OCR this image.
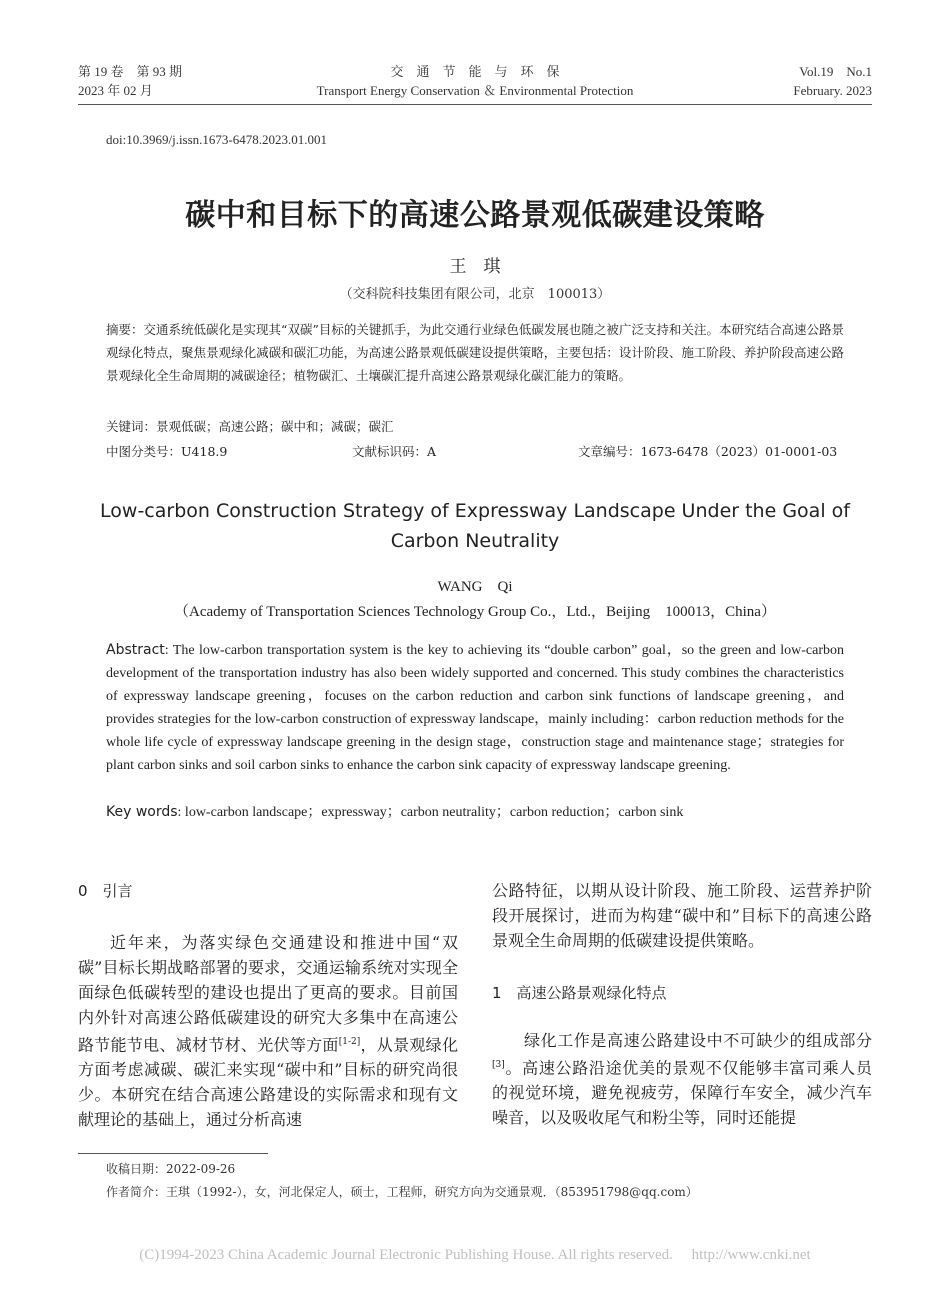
第 19 卷　第 93 期
2023 年 02 月
交　通　节　能　与　环　保
Transport Energy Conservation ＆ Environmental Protection
Vol.19　No.1
February. 2023
doi:10.3969/j.issn.1673-6478.2023.01.001
碳中和目标下的高速公路景观低碳建设策略
王　琪
（交科院科技集团有限公司，北京　100013）
摘要：交通系统低碳化是实现其“双碳”目标的关键抓手，为此交通行业绿色低碳发展也随之被广泛支持和关注。本研究结合高速公路景观绿化特点，聚焦景观绿化减碳和碳汇功能，为高速公路景观低碳建设提供策略，主要包括：设计阶段、施工阶段、养护阶段高速公路景观绿化全生命周期的减碳途径；植物碳汇、土壤碳汇提升高速公路景观绿化碳汇能力的策略。
关键词：景观低碳；高速公路；碳中和；减碳；碳汇
中图分类号：U418.9	文献标识码：A	文章编号：1673-6478（2023）01-0001-03
Low-carbon Construction Strategy of Expressway Landscape Under the Goal of
Carbon Neutrality
WANG　Qi
（Academy of Transportation Sciences Technology Group Co.，Ltd.，Beijing　100013，China）
Abstract: The low-carbon transportation system is the key to achieving its “double carbon” goal，so the green and low-carbon development of the transportation industry has also been widely supported and concerned. This study combines the characteristics of expressway landscape greening，focuses on the carbon reduction and carbon sink functions of landscape greening，and provides strategies for the low-carbon construction of expressway landscape，mainly including：carbon reduction methods for the whole life cycle of expressway landscape greening in the design stage，construction stage and maintenance stage；strategies for plant carbon sinks and soil carbon sinks to enhance the carbon sink capacity of expressway landscape greening.
Key words: low-carbon landscape；expressway；carbon neutrality；carbon reduction；carbon sink
0　引言
近年来，为落实绿色交通建设和推进中国“双碳”目标长期战略部署的要求，交通运输系统对实现全面绿色低碳转型的建设也提出了更高的要求。目前国内外针对高速公路低碳建设的研究大多集中在高速公路节能节电、减材节材、光伏等方面[1-2]，从景观绿化方面考虑减碳、碳汇来实现“碳中和”目标的研究尚很少。本研究在结合高速公路建设的实际需求和现有文献理论的基础上，通过分析高速
公路特征，以期从设计阶段、施工阶段、运营养护阶段开展探讨，进而为构建“碳中和”目标下的高速公路景观全生命周期的低碳建设提供策略。
1　高速公路景观绿化特点
绿化工作是高速公路建设中不可缺少的组成部分[3]。高速公路沿途优美的景观不仅能够丰富司乘人员的视觉环境，避免视疲劳，保障行车安全，减少汽车噪音，以及吸收尾气和粉尘等，同时还能提
收稿日期：2022-09-26
作者简介：王琪（1992-），女，河北保定人，硕士，工程师，研究方向为交通景观．（853951798@qq.com）
(C)1994-2023 China Academic Journal Electronic Publishing House. All rights reserved.　 http://www.cnki.net
